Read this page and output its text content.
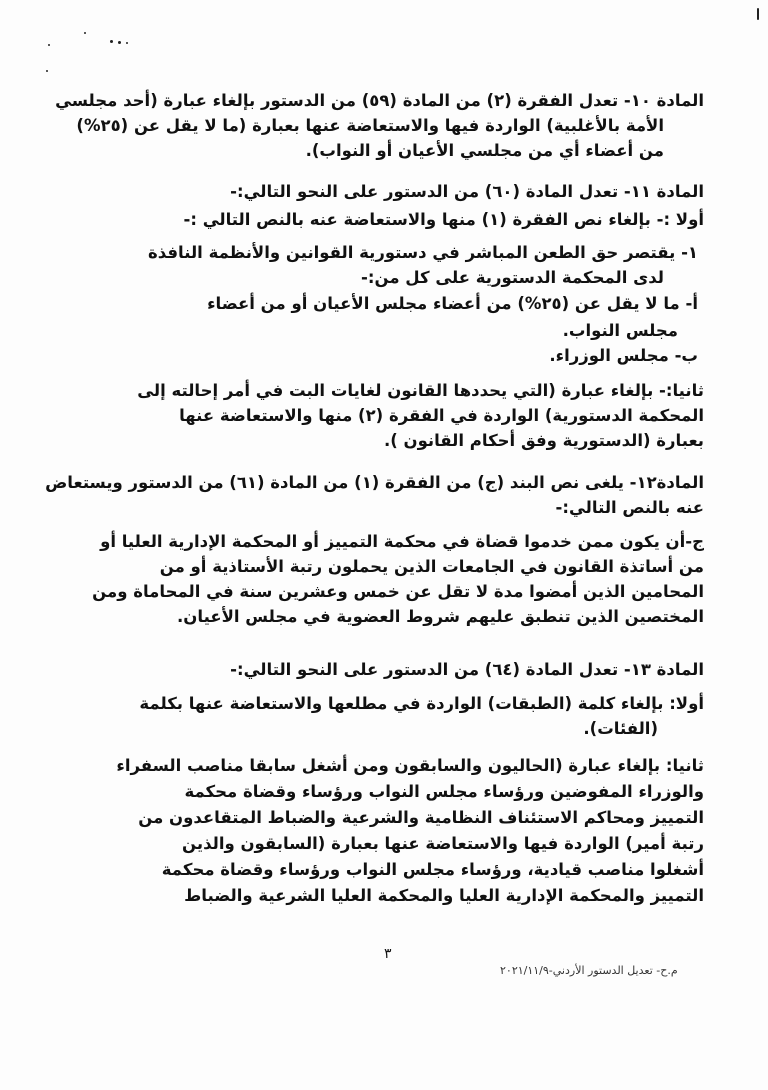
المادة ١٠- تعدل الفقرة (٢) من المادة (٥٩) من الدستور بإلغاء عبارة (أحد مجلسي
الأمة بالأغلبية) الواردة فيها والاستعاضة عنها بعبارة (ما لا يقل عن (٢٥%)
من أعضاء أي من مجلسي الأعيان أو النواب).
المادة ١١- تعدل المادة (٦٠) من الدستور على النحو التالي:-
أولا :- بإلغاء نص الفقرة (١) منها والاستعاضة عنه بالنص التالي :-
١- يقتصر حق الطعن المباشر في دستورية القوانين والأنظمة النافذة
لدى المحكمة الدستورية على كل من:-
أ- ما لا يقل عن (٢٥%) من أعضاء مجلس الأعيان أو من أعضاء
مجلس النواب.
ب- مجلس الوزراء.
ثانيا:- بإلغاء عبارة (التي يحددها القانون لغايات البت في أمر إحالته إلى
المحكمة الدستورية) الواردة في الفقرة (٢) منها والاستعاضة عنها
بعبارة (الدستورية وفق أحكام القانون ).
المادة١٢- يلغى نص البند (ج) من الفقرة (١) من المادة (٦١) من الدستور ويستعاض
عنه بالنص التالي:-
ج-أن يكون ممن خدموا قضاة في محكمة التمييز أو المحكمة الإدارية العليا أو
من أساتذة القانون في الجامعات الذين يحملون رتبة الأستاذية أو من
المحامين الذين أمضوا مدة لا تقل عن خمس وعشرين سنة في المحاماة ومن
المختصين الذين تنطبق عليهم شروط العضوية في مجلس الأعيان.
المادة ١٣- تعدل المادة (٦٤) من الدستور على النحو التالي:-
أولا: بإلغاء كلمة (الطبقات) الواردة في مطلعها والاستعاضة عنها بكلمة
(الفئات).
ثانيا: بإلغاء عبارة (الحاليون والسابقون ومن أشغل سابقا مناصب السفراء
والوزراء المفوضين ورؤساء مجلس النواب ورؤساء وقضاة محكمة
التمييز ومحاكم الاستئناف النظامية والشرعية والضباط المتقاعدون من
رتبة أمير) الواردة فيها والاستعاضة عنها بعبارة (السابقون والذين
أشغلوا مناصب قيادية، ورؤساء مجلس النواب ورؤساء وقضاة محكمة
التمييز والمحكمة الإدارية العليا والمحكمة العليا الشرعية والضباط
٣
م.ح- تعديل الدستور الأردني-٢٠٢١/١١/٩
